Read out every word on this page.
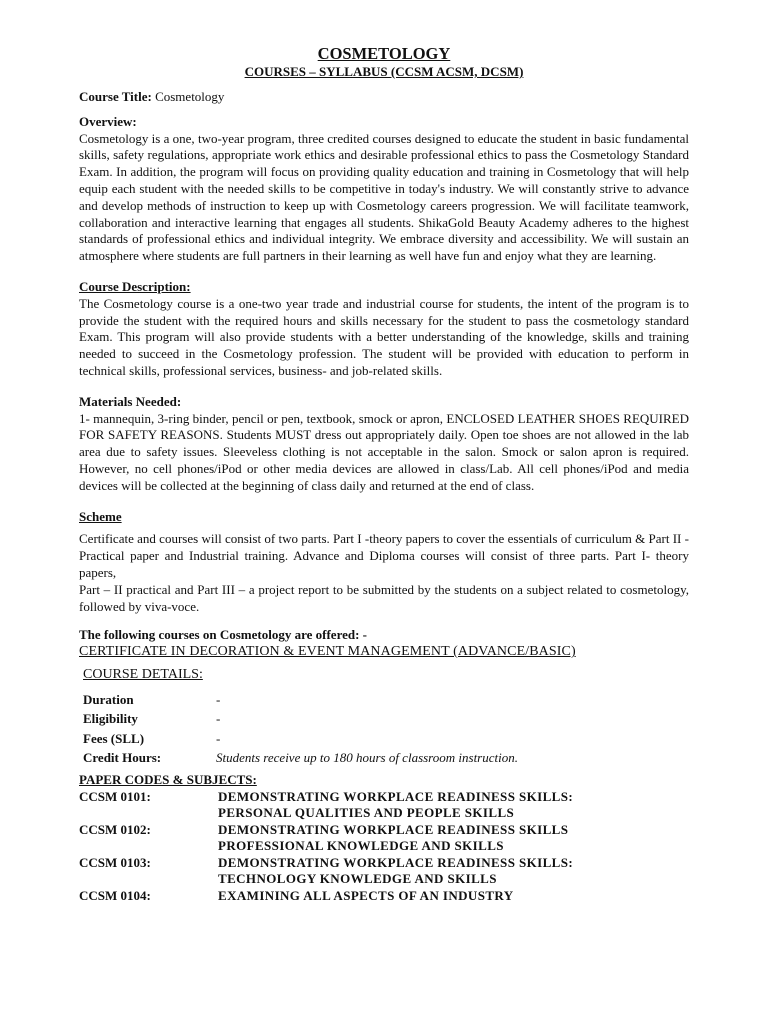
COSMETOLOGY
COURSES – SYLLABUS (CCSM ACSM, DCSM)

Course Title: Cosmetology

Overview:

Cosmetology is a one, two-year program, three credited courses designed to educate the student in basic fundamental skills, safety regulations, appropriate work ethics and desirable professional ethics to pass the Cosmetology Standard Exam. In addition, the program will focus on providing quality education and training in Cosmetology that will help equip each student with the needed skills to be competitive in today's industry. We will constantly strive to advance and develop methods of instruction to keep up with Cosmetology careers progression. We will facilitate teamwork, collaboration and interactive learning that engages all students. ShikaGold Beauty Academy adheres to the highest standards of professional ethics and individual integrity. We embrace diversity and accessibility. We will sustain an atmosphere where students are full partners in their learning as well have fun and enjoy what they are learning.

Course Description:

The Cosmetology course is a one-two year trade and industrial course for students, the intent of the program is to provide the student with the required hours and skills necessary for the student to pass the cosmetology standard Exam. This program will also provide students with a better understanding of the knowledge, skills and training needed to succeed in the Cosmetology profession. The student will be provided with education to perform in technical skills, professional services, business- and job-related skills.

Materials Needed:

1- mannequin, 3-ring binder, pencil or pen, textbook, smock or apron, ENCLOSED LEATHER SHOES REQUIRED FOR SAFETY REASONS. Students MUST dress out appropriately daily. Open toe shoes are not allowed in the lab area due to safety issues. Sleeveless clothing is not acceptable in the salon. Smock or salon apron is required. However, no cell phones/iPod or other media devices are allowed in class/Lab. All cell phones/iPod and media devices will be collected at the beginning of class daily and returned at the end of class.

Scheme

Certificate and courses will consist of two parts. Part I -theory papers to cover the essentials of curriculum & Part II -Practical paper and Industrial training. Advance and Diploma courses will consist of three parts. Part I- theory papers,

Part – II practical and Part III – a project report to be submitted by the students on a subject related to cosmetology, followed by viva-voce.

The following courses on Cosmetology are offered: -

CERTIFICATE IN DECORATION & EVENT MANAGEMENT (ADVANCE/BASIC)

COURSE DETAILS:

Duration	-
Eligibility	-
Fees (SLL)	-
Credit Hours:	Students receive up to 180 hours of classroom instruction.

PAPER CODES & SUBJECTS:

CCSM 0101:	DEMONSTRATING WORKPLACE READINESS SKILLS:
PERSONAL QUALITIES AND PEOPLE SKILLS

CCSM 0102:	DEMONSTRATING WORKPLACE READINESS SKILLS
PROFESSIONAL KNOWLEDGE AND SKILLS

CCSM 0103:	DEMONSTRATING WORKPLACE READINESS SKILLS:
TECHNOLOGY KNOWLEDGE AND SKILLS

CCSM 0104:	EXAMINING ALL ASPECTS OF AN INDUSTRY
